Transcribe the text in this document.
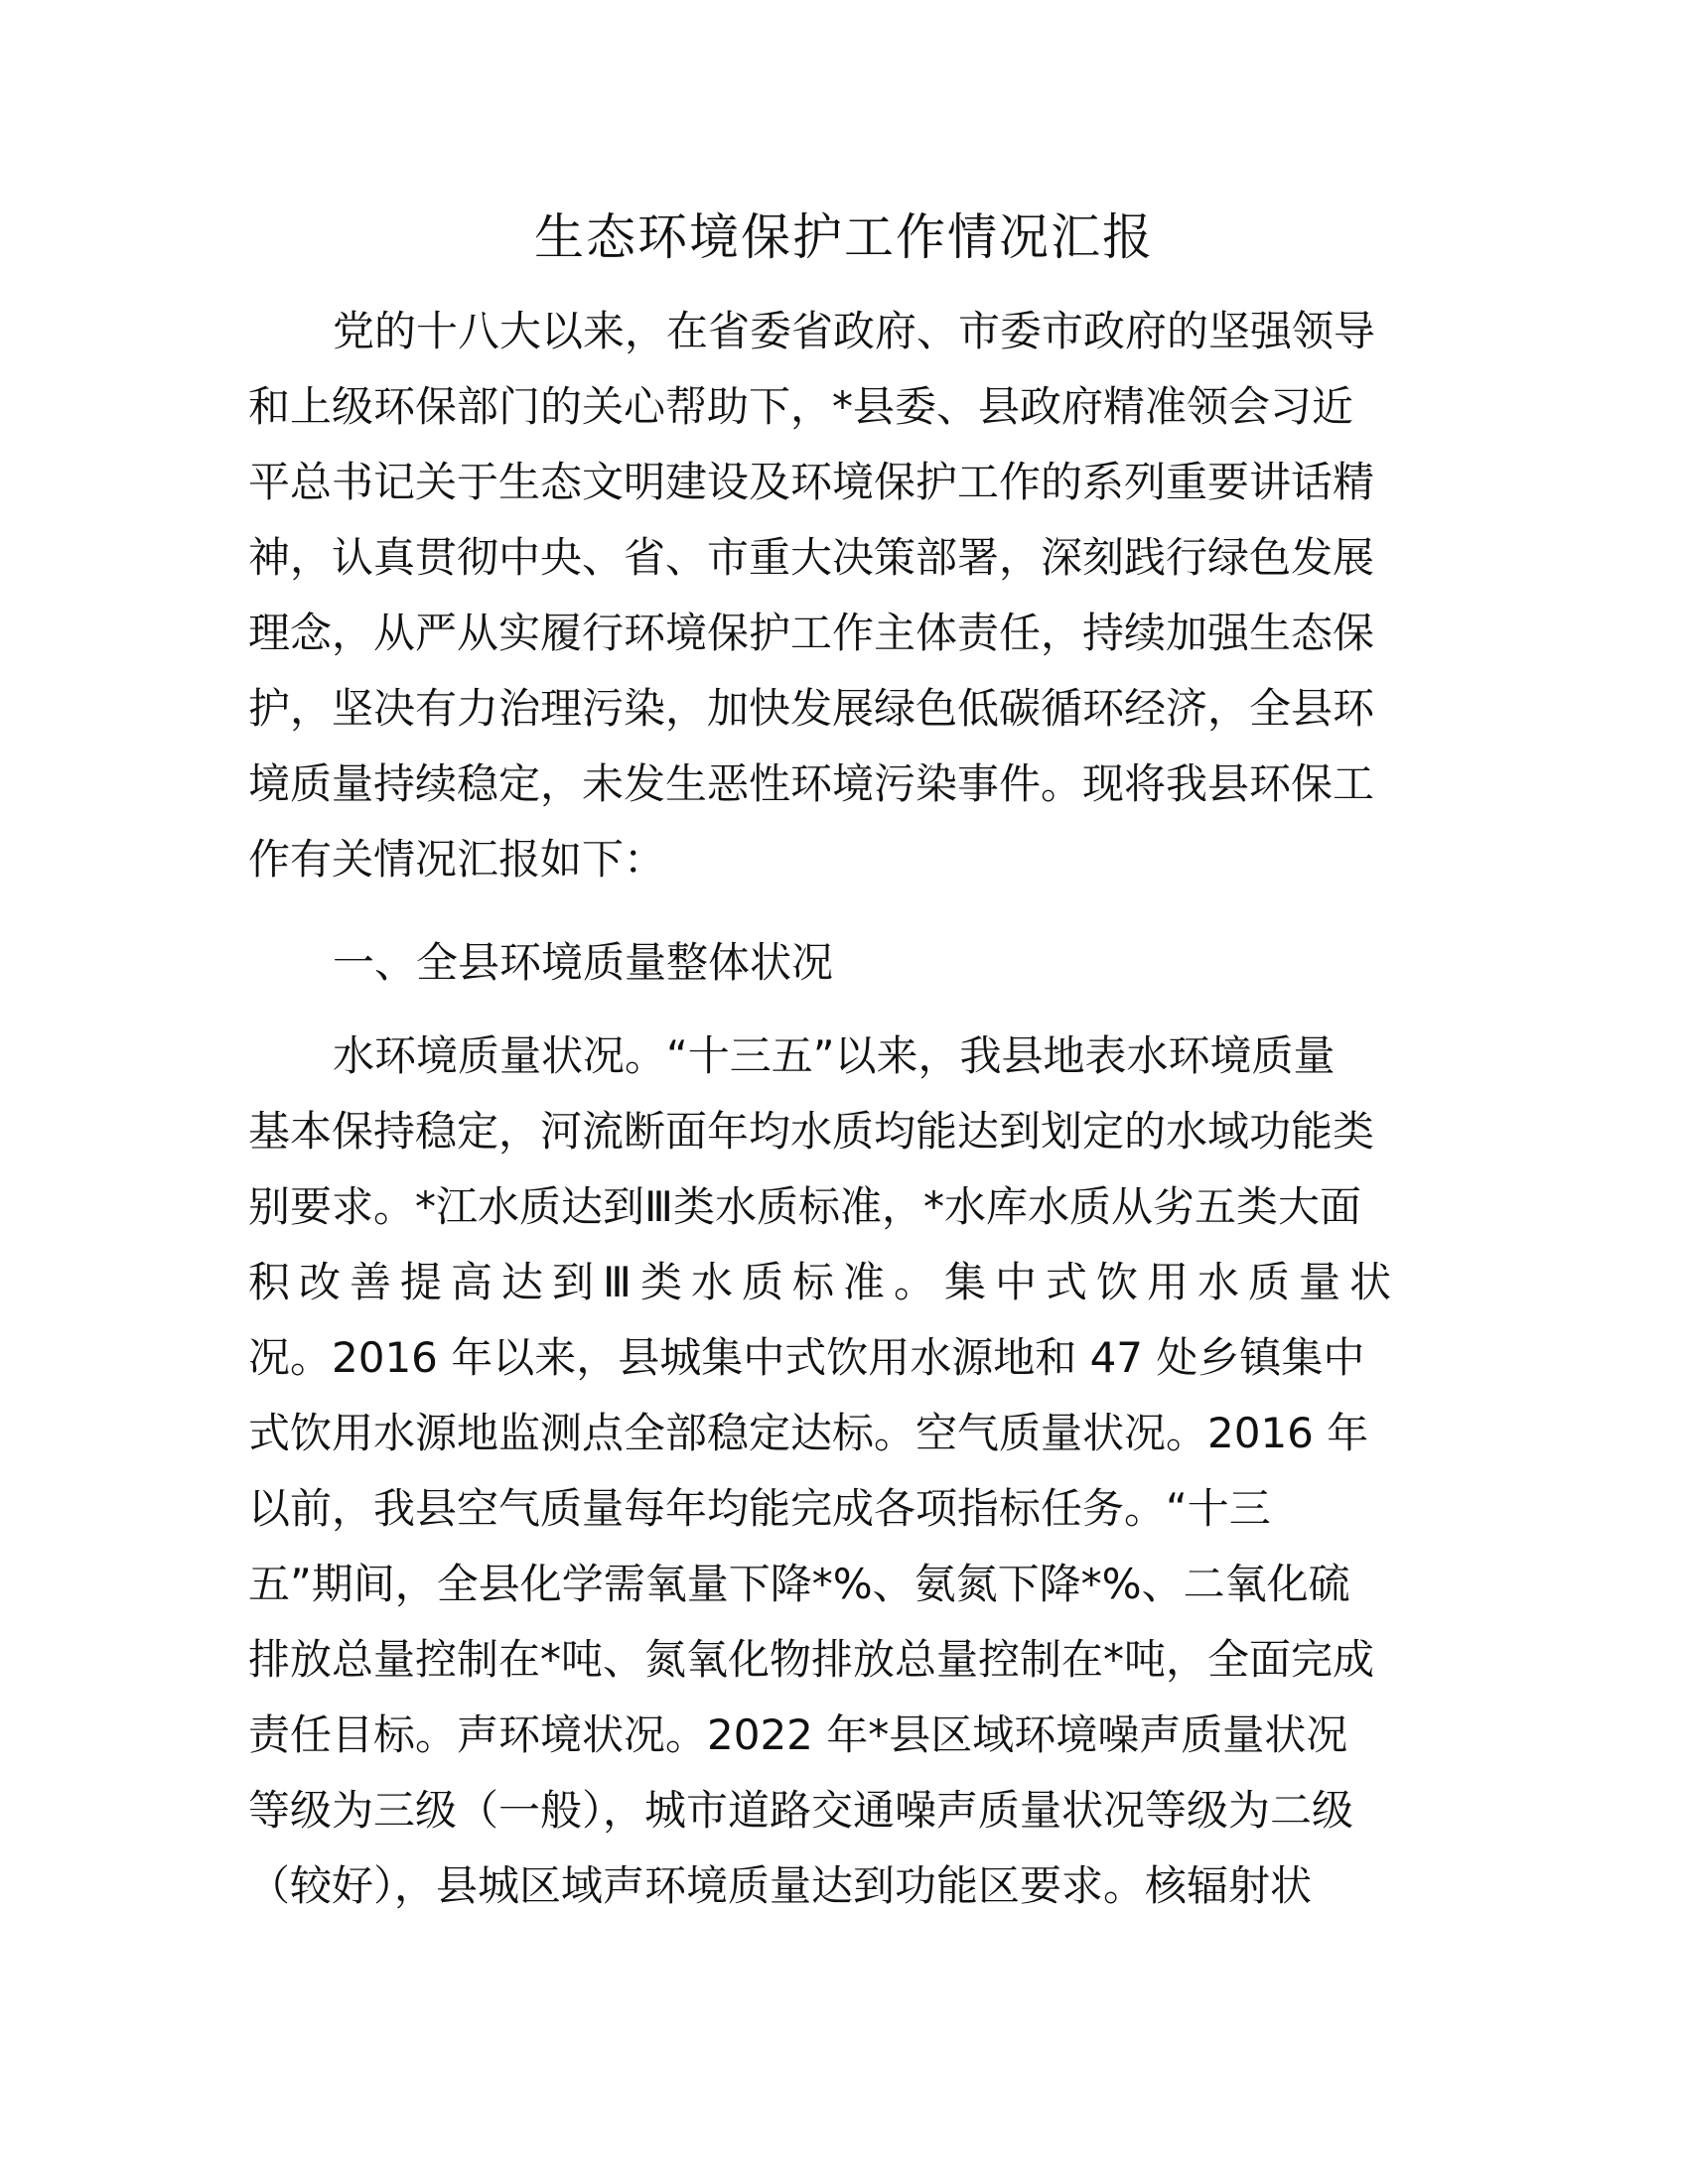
生态环境保护工作情况汇报
党的十八大以来，在省委省政府、市委市政府的坚强领导
和上级环保部门的关心帮助下，*县委、县政府精准领会习近
平总书记关于生态文明建设及环境保护工作的系列重要讲话精
神，认真贯彻中央、省、市重大决策部署，深刻践行绿色发展
理念，从严从实履行环境保护工作主体责任，持续加强生态保
护，坚决有力治理污染，加快发展绿色低碳循环经济，全县环
境质量持续稳定，未发生恶性环境污染事件。现将我县环保工
作有关情况汇报如下：
一、全县环境质量整体状况
水环境质量状况。“十三五”以来，我县地表水环境质量
基本保持稳定，河流断面年均水质均能达到划定的水域功能类
别要求。*江水质达到Ⅲ类水质标准，*水库水质从劣五类大面
积改善提高达到Ⅲ类水质标准。集中式饮用水质量状
况。2016 年以来，县城集中式饮用水源地和 47 处乡镇集中
式饮用水源地监测点全部稳定达标。空气质量状况。2016 年
以前，我县空气质量每年均能完成各项指标任务。“十三
五”期间，全县化学需氧量下降*%、氨氮下降*%、二氧化硫
排放总量控制在*吨、氮氧化物排放总量控制在*吨，全面完成
责任目标。声环境状况。2022 年*县区域环境噪声质量状况
等级为三级（一般），城市道路交通噪声质量状况等级为二级
（较好），县城区域声环境质量达到功能区要求。核辐射状
